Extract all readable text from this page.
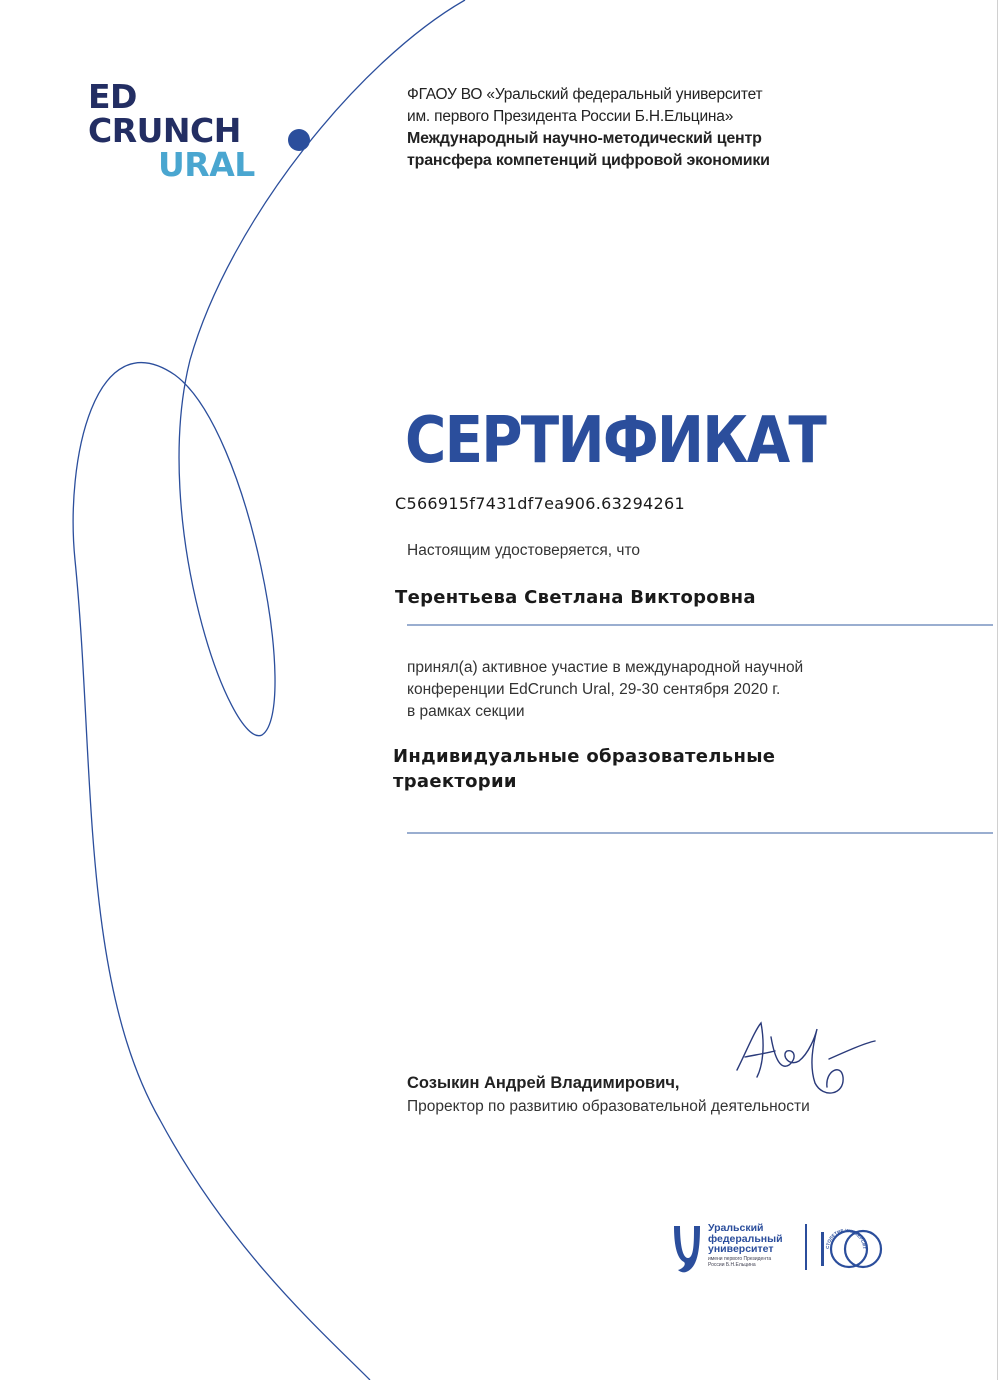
ED
CRUNCH
URAL
ФГАОУ ВО «Уральский федеральный университет
им. первого Президента России Б.Н.Ельцина»
Международный научно-методический центр
трансфера компетенций цифровой экономики
СЕРТИФИКАТ
C566915f7431df7ea906.63294261
Настоящим удостоверяется, что
Терентьева Светлана Викторовна
принял(а) активное участие в международной научной
конференции EdCrunch Ural, 29-30 сентября 2020 г.
в рамках секции
Индивидуальные образовательные траектории
Созыкин Андрей Владимирович,
Проректор по развитию образовательной деятельности
Уральский
федеральный
университет
имени первого Президента России Б.Н.Ельцина
СТОЛЕТИЕ УНИВЕРСИТ
